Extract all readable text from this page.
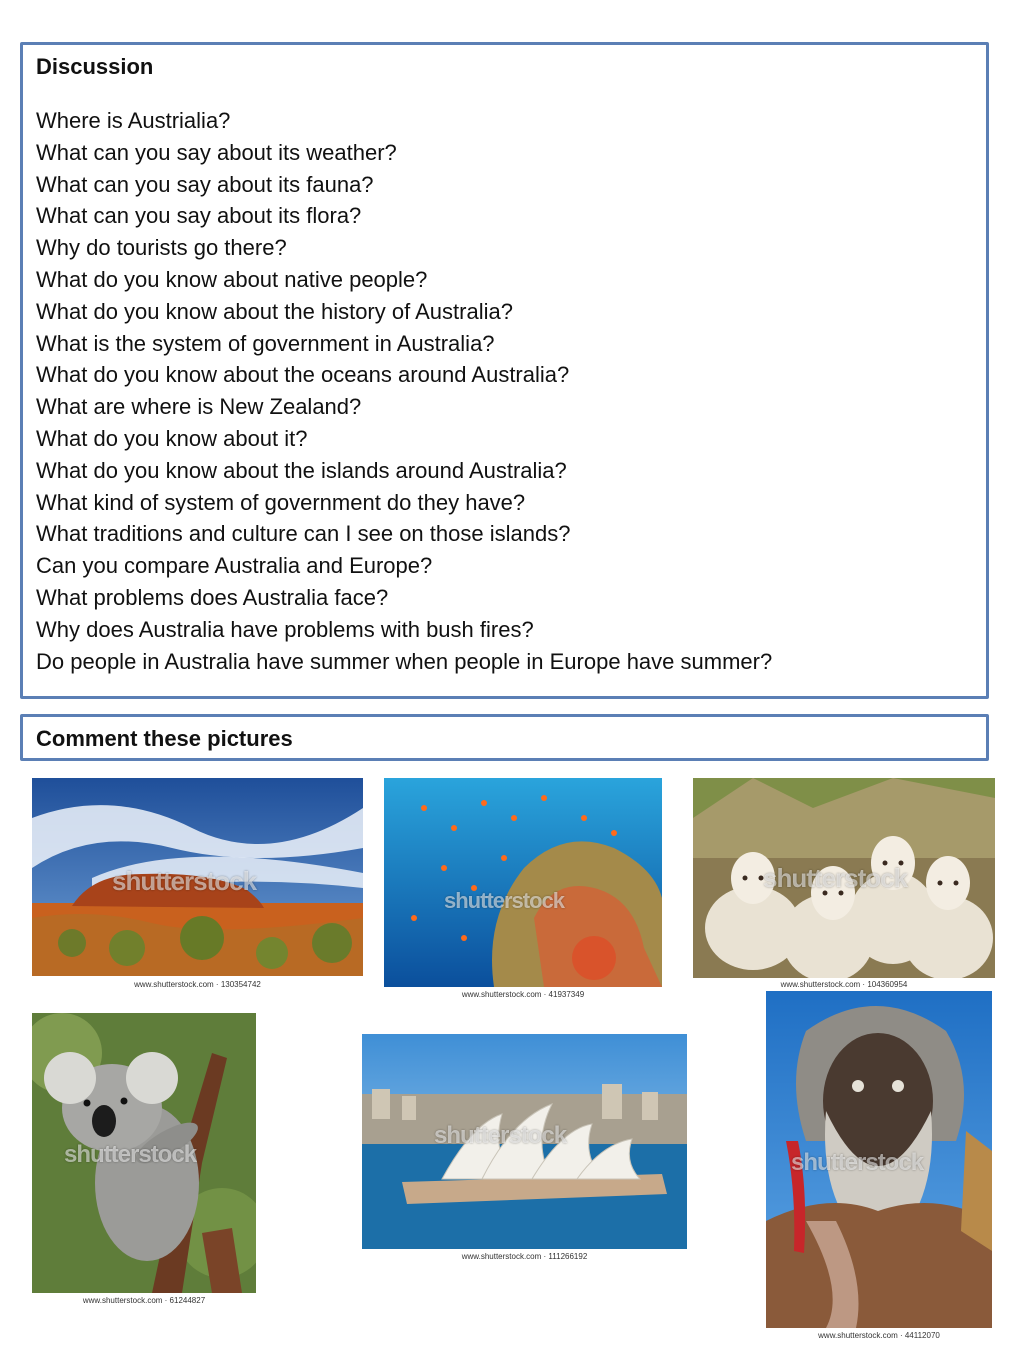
Discussion
Where is Austrialia?
What can you say about its weather?
What can you say about its fauna?
What can you say about its flora?
Why do tourists go there?
What do you know about native people?
What do you know about the history of Australia?
What is the system of government in Australia?
What do you know about the oceans around Australia?
What are where is New Zealand?
What do you know about it?
What do you know about the islands around Australia?
What kind of system of government do they have?
What traditions and culture can I see on those islands?
Can you compare Australia and Europe?
What problems does Australia face?
Why does Australia have problems with bush fires?
Do people in Australia have summer when people in Europe have summer?
Comment these pictures
shutterstock
www.shutterstock.com · 130354742
shutterstock
www.shutterstock.com · 41937349
shutterstock
www.shutterstock.com · 104360954
shutterstock
www.shutterstock.com · 61244827
shutterstock
www.shutterstock.com · 111266192
shutterstock
www.shutterstock.com · 44112070
